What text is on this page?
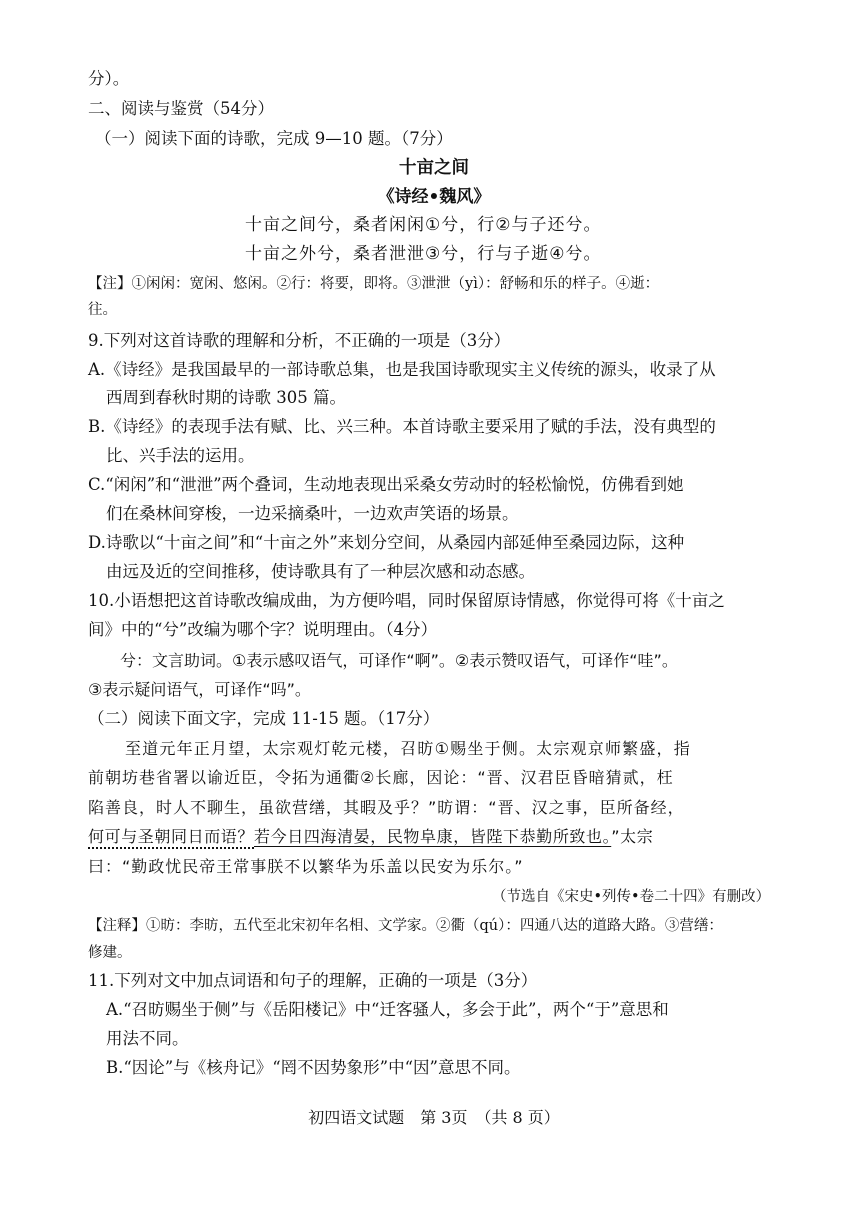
分）。
二、阅读与鉴赏（54分）
（一）阅读下面的诗歌，完成 9—10 题。（7分）
十亩之间
《诗经•魏风》
十亩之间兮，桑者闲闲①兮，行②与子还兮。
十亩之外兮，桑者泄泄③兮，行与子逝④兮。
【注】①闲闲：宽闲、悠闲。②行：将要，即将。③泄泄（yì）：舒畅和乐的样子。④逝：
往。
9.下列对这首诗歌的理解和分析，不正确的一项是（3分）
A.《诗经》是我国最早的一部诗歌总集，也是我国诗歌现实主义传统的源头，收录了从
西周到春秋时期的诗歌 305 篇。
B.《诗经》的表现手法有赋、比、兴三种。本首诗歌主要采用了赋的手法，没有典型的
比、兴手法的运用。
C.“闲闲”和“泄泄”两个叠词，生动地表现出采桑女劳动时的轻松愉悦，仿佛看到她
们在桑林间穿梭，一边采摘桑叶，一边欢声笑语的场景。
D.诗歌以“十亩之间”和“十亩之外”来划分空间，从桑园内部延伸至桑园边际，这种
由远及近的空间推移，使诗歌具有了一种层次感和动态感。
10.小语想把这首诗歌改编成曲，为方便吟唱，同时保留原诗情感，你觉得可将《十亩之
间》中的“兮”改编为哪个字？说明理由。（4分）
兮：文言助词。①表示感叹语气，可译作“啊”。②表示赞叹语气，可译作“哇”。
③表示疑问语气，可译作“吗”。
（二）阅读下面文字，完成 11-15 题。（17分）
至道元年正月望，太宗观灯乾元楼，召昉①赐坐于侧。太宗观京师繁盛，指
前朝坊巷省署以谕近臣，令拓为通衢②长廊，因论：“晋、汉君臣昏暗猜贰，枉
陷善良，时人不聊生，虽欲营缮，其暇及乎？”昉谓：“晋、汉之事，臣所备经，
何可与圣朝同日而语？若今日四海清晏，民物阜康，皆陛下恭勤所致也。”太宗
曰：“勤政忧民帝王常事朕不以繁华为乐盖以民安为乐尔。”
（节选自《宋史•列传•卷二十四》有删改）
【注释】①昉：李昉，五代至北宋初年名相、文学家。②衢（qú）：四通八达的道路大路。③营缮：
修建。
11.下列对文中加点词语和句子的理解，正确的一项是（3分）
A.“召昉赐坐于侧”与《岳阳楼记》中“迁客骚人，多会于此”，两个“于”意思和
用法不同。
B.“因论”与《核舟记》“罔不因势象形”中“因”意思不同。
初四语文试题　第 3页　（共 8 页）
